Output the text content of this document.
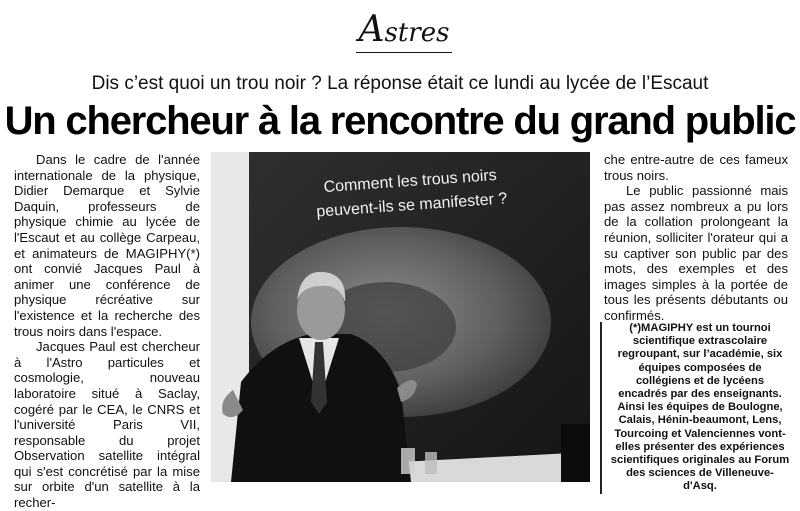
Astres
Dis c’est quoi un trou noir ? La réponse était ce lundi au lycée de l’Escaut
Un chercheur à la rencontre du grand public

Dans le cadre de l'année internationale de la physique, Didier Demarque et Sylvie Daquin, professeurs de physique chimie au lycée de l'Escaut et au collège Carpeau, et animateurs de MAGIPHY(*) ont convié Jacques Paul à animer une conférence de physique récréative sur l'existence et la recherche des trous noirs dans l'espace.

Jacques Paul est chercheur à l'Astro particules et cosmologie, nouveau laboratoire situé à Saclay, cogéré par le CEA, le CNRS et l'université Paris VII, responsable du projet Observation satellite intégral qui s'est concrétisé par la mise sur orbite d'un satellite à la recher-

Comment les trous noirs
peuvent-ils se manifester ?

che entre-autre de ces fameux trous noirs.

Le public passionné mais pas assez nombreux a pu lors de la collation prolongeant la réunion, solliciter l'orateur qui a su captiver son public par des mots, des exemples et des images simples à la portée de tous les présents débutants ou confirmés.

(*)MAGIPHY est un tournoi scientifique extrascolaire regroupant, sur l’académie, six équipes composées de collégiens et de lycéens encadrés par des enseignants. Ainsi les équipes de Boulogne, Calais, Hénin-beaumont, Lens, Tourcoing et Valenciennes vont-elles présenter des expériences scientifiques originales au Forum des sciences de Villeneuve-d'Asq.
